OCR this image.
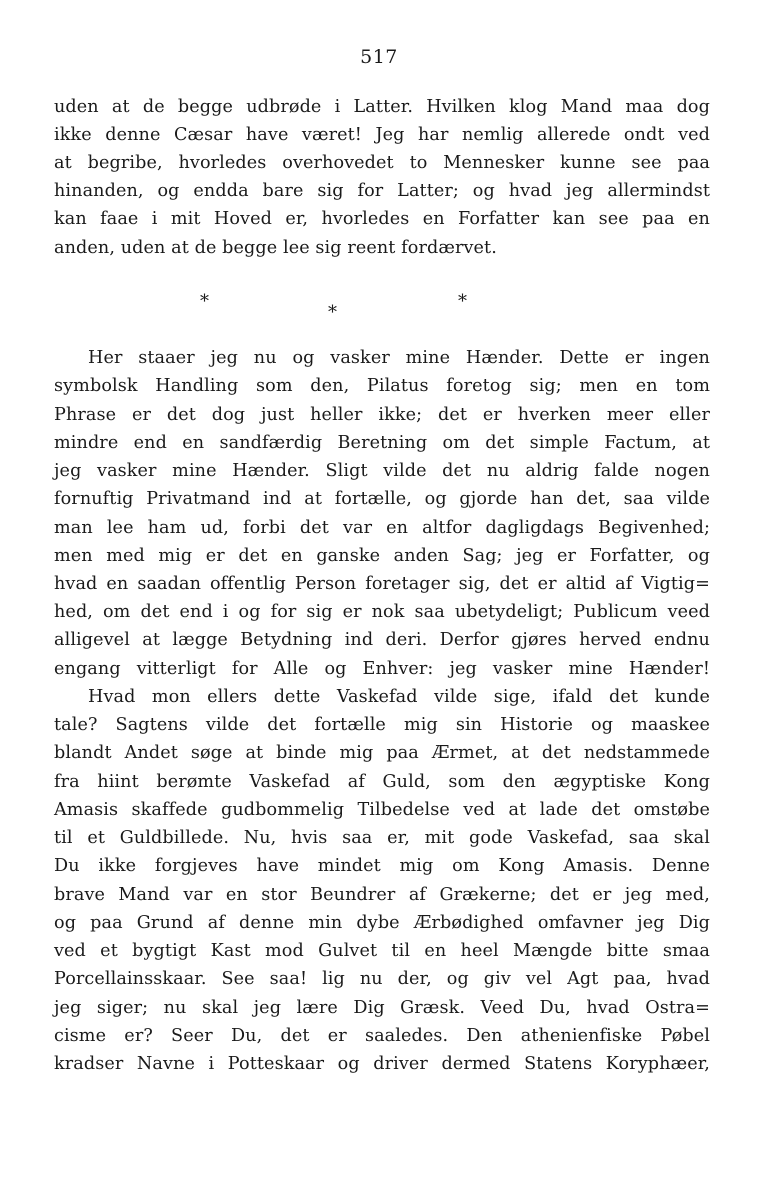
517
uden at de begge udbrøde i Latter. Hvilken klog Mand maa dog
ikke denne Cæsar have været! Jeg har nemlig allerede ondt ved
at begribe, hvorledes overhovedet to Mennesker kunne see paa
hinanden, og endda bare sig for Latter; og hvad jeg allermindst
kan faae i mit Hoved er, hvorledes en Forfatter kan see paa en
anden, uden at de begge lee sig reent fordærvet.
*
*
*
Her staaer jeg nu og vasker mine Hænder. Dette er ingen
symbolsk Handling som den, Pilatus foretog sig; men en tom
Phrase er det dog just heller ikke; det er hverken meer eller
mindre end en sandfærdig Beretning om det simple Factum, at
jeg vasker mine Hænder. Sligt vilde det nu aldrig falde nogen
fornuftig Privatmand ind at fortælle, og gjorde han det, saa vilde
man lee ham ud, forbi det var en altfor dagligdags Begivenhed;
men med mig er det en ganske anden Sag; jeg er Forfatter, og
hvad en saadan offentlig Person foretager sig, det er altid af Vigtig=
hed, om det end i og for sig er nok saa ubetydeligt; Publicum veed
alligevel at lægge Betydning ind deri. Derfor gjøres herved endnu
engang vitterligt for Alle og Enhver: jeg vasker mine Hænder!
Hvad mon ellers dette Vaskefad vilde sige, ifald det kunde
tale? Sagtens vilde det fortælle mig sin Historie og maaskee
blandt Andet søge at binde mig paa Ærmet, at det nedstammede
fra hiint berømte Vaskefad af Guld, som den ægyptiske Kong
Amasis skaffede gudbommelig Tilbedelse ved at lade det omstøbe
til et Guldbillede. Nu, hvis saa er, mit gode Vaskefad, saa skal
Du ikke forgjeves have mindet mig om Kong Amasis. Denne
brave Mand var en stor Beundrer af Grækerne; det er jeg med,
og paa Grund af denne min dybe Ærbødighed omfavner jeg Dig
ved et bygtigt Kast mod Gulvet til en heel Mængde bitte smaa
Porcellainsskaar. See saa! lig nu der, og giv vel Agt paa, hvad
jeg siger; nu skal jeg lære Dig Græsk. Veed Du, hvad Ostra=
cisme er? Seer Du, det er saaledes. Den athenienfiske Pøbel
kradser Navne i Potteskaar og driver dermed Statens Koryphæer,
